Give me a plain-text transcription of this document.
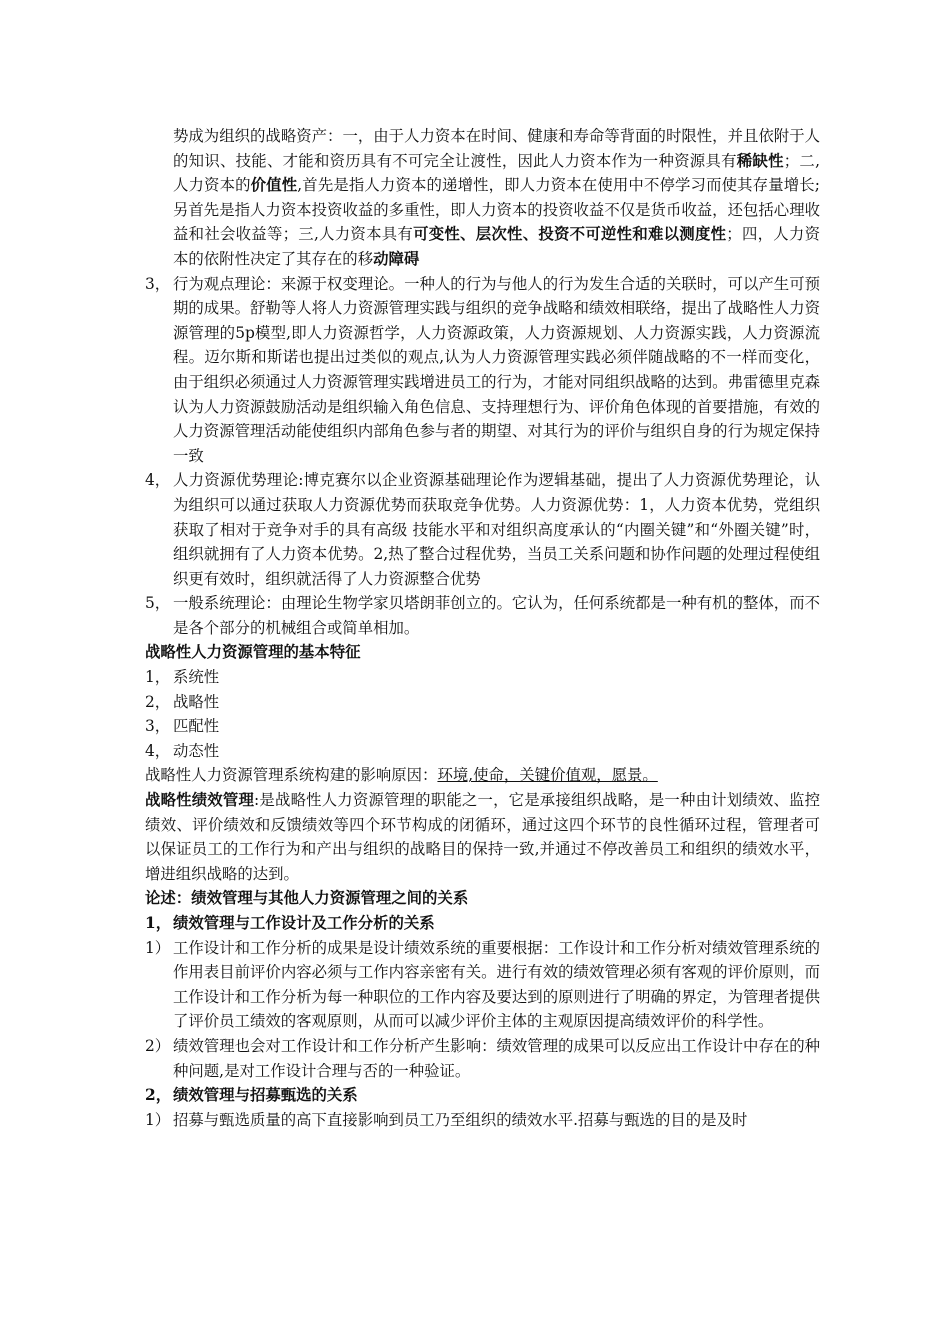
势成为组织的战略资产：一，由于人力资本在时间、健康和寿命等背面的时限性，并且依附于人的知识、技能、才能和资历具有不可完全让渡性，因此人力资本作为一种资源具有稀缺性；二,人力资本的价值性,首先是指人力资本的递增性，即人力资本在使用中不停学习而使其存量增长;另首先是指人力资本投资收益的多重性，即人力资本的投资收益不仅是货币收益，还包括心理收益和社会收益等；三,人力资本具有可变性、层次性、投资不可逆性和难以测度性；四，人力资本的依附性决定了其存在的移动障碍

3， 行为观点理论：来源于权变理论。一种人的行为与他人的行为发生合适的关联时，可以产生可预期的成果。舒勒等人将人力资源管理实践与组织的竞争战略和绩效相联络，提出了战略性人力资源管理的5p模型,即人力资源哲学，人力资源政策，人力资源规划、人力资源实践，人力资源流程。迈尔斯和斯诺也提出过类似的观点,认为人力资源管理实践必须伴随战略的不一样而变化，由于组织必须通过人力资源管理实践增进员工的行为，才能对同组织战略的达到。弗雷德里克森认为人力资源鼓励活动是组织输入角色信息、支持理想行为、评价角色体现的首要措施，有效的人力资源管理活动能使组织内部角色参与者的期望、对其行为的评价与组织自身的行为规定保持一致
4， 人力资源优势理论:博克赛尔以企业资源基础理论作为逻辑基础，提出了人力资源优势理论，认为组织可以通过获取人力资源优势而获取竞争优势。人力资源优势：1，人力资本优势，党组织获取了相对于竞争对手的具有高级 技能水平和对组织高度承认的“内圈关键”和“外圈关键”时，组织就拥有了人力资本优势。2,热了整合过程优势，当员工关系问题和协作问题的处理过程使组织更有效时，组织就活得了人力资源整合优势
5， 一般系统理论：由理论生物学家贝塔朗菲创立的。它认为，任何系统都是一种有机的整体，而不是各个部分的机械组合或简单相加。

战略性人力资源管理的基本特征

1， 系统性
2， 战略性
3， 匹配性
4， 动态性

战略性人力资源管理系统构建的影响原因：环境,使命，关键价值观，愿景。

战略性绩效管理:是战略性人力资源管理的职能之一，它是承接组织战略，是一种由计划绩效、监控绩效、评价绩效和反馈绩效等四个环节构成的闭循环，通过这四个环节的良性循环过程，管理者可以保证员工的工作行为和产出与组织的战略目的保持一致,并通过不停改善员工和组织的绩效水平，增进组织战略的达到。

论述：绩效管理与其他人力资源管理之间的关系

1， 绩效管理与工作设计及工作分析的关系
1） 工作设计和工作分析的成果是设计绩效系统的重要根据：工作设计和工作分析对绩效管理系统的作用表目前评价内容必须与工作内容亲密有关。进行有效的绩效管理必须有客观的评价原则，而工作设计和工作分析为每一种职位的工作内容及要达到的原则进行了明确的界定，为管理者提供了评价员工绩效的客观原则，从而可以减少评价主体的主观原因提高绩效评价的科学性。
2） 绩效管理也会对工作设计和工作分析产生影响：绩效管理的成果可以反应出工作设计中存在的种种问题,是对工作设计合理与否的一种验证。
2， 绩效管理与招募甄选的关系
1） 招募与甄选质量的高下直接影响到员工乃至组织的绩效水平.招募与甄选的目的是及时
